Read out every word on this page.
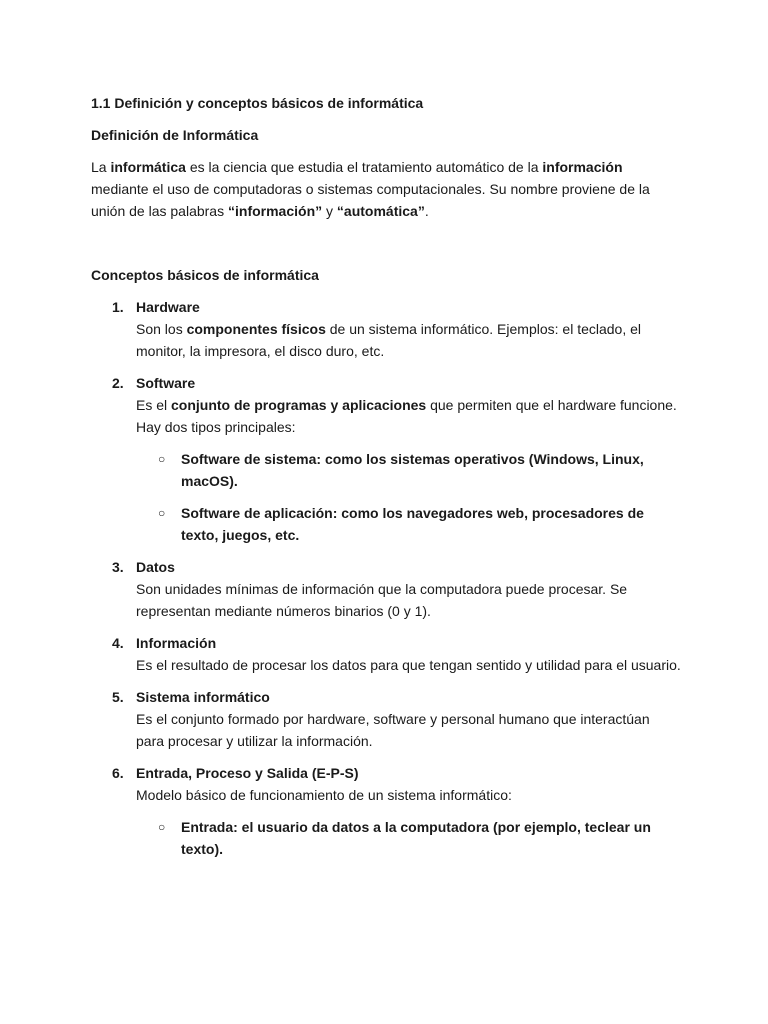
1.1 Definición y conceptos básicos de informática

Definición de Informática

La informática es la ciencia que estudia el tratamiento automático de la información mediante el uso de computadoras o sistemas computacionales. Su nombre proviene de la unión de las palabras “información” y “automática”.

Conceptos básicos de informática

1. Hardware
Son los componentes físicos de un sistema informático. Ejemplos: el teclado, el monitor, la impresora, el disco duro, etc.
2. Software
Es el conjunto de programas y aplicaciones que permiten que el hardware funcione. Hay dos tipos principales:
○ Software de sistema: como los sistemas operativos (Windows, Linux, macOS).
○ Software de aplicación: como los navegadores web, procesadores de texto, juegos, etc.
3. Datos
Son unidades mínimas de información que la computadora puede procesar. Se representan mediante números binarios (0 y 1).
4. Información
Es el resultado de procesar los datos para que tengan sentido y utilidad para el usuario.
5. Sistema informático
Es el conjunto formado por hardware, software y personal humano que interactúan para procesar y utilizar la información.
6. Entrada, Proceso y Salida (E-P-S)
Modelo básico de funcionamiento de un sistema informático:
○ Entrada: el usuario da datos a la computadora (por ejemplo, teclear un texto).
